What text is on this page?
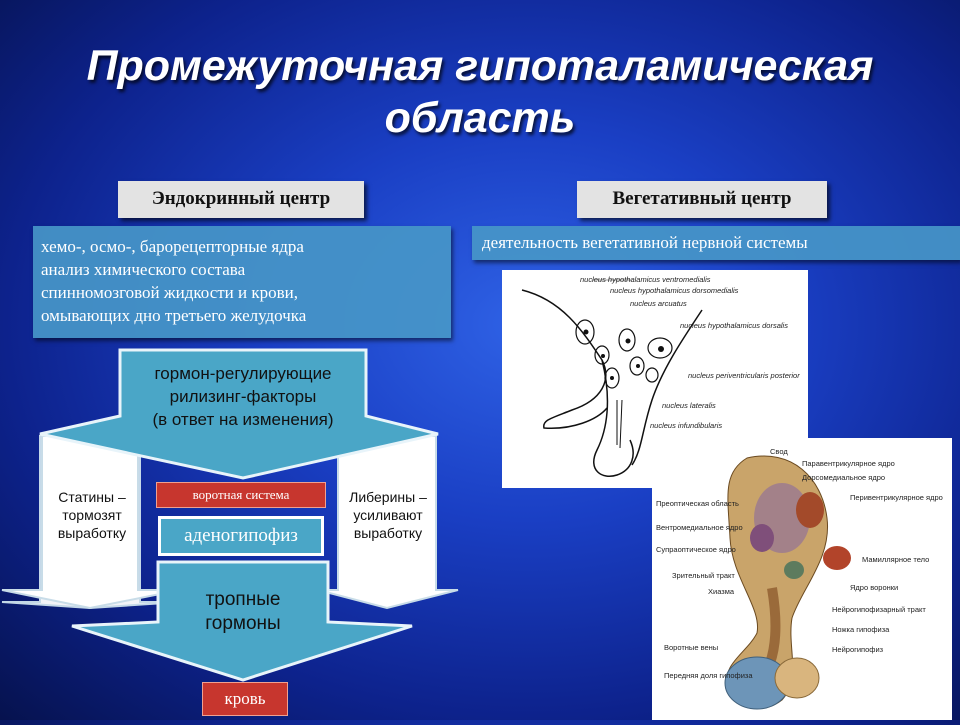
Промежуточная гипоталамическая
область
Эндокринный центр
хемо-, осмо-, барорецепторные ядра
анализ химического состава
спинномозговой жидкости и крови,
омывающих дно третьего желудочка
гормон-регулирующие
рилизинг-факторы
(в ответ на изменения)
Статины –
тормозят
выработку
Либерины –
усиливают
выработку
воротная система
аденогипофиз
тропные
гормоны
кровь
Вегетативный центр
деятельность вегетативной нервной системы
nucleus hypothalamicus ventromedialis
nucleus hypothalamicus dorsomedialis
nucleus arcuatus
nucleus hypothalamicus dorsalis
nucleus periventricularis posterior
nucleus lateralis
nucleus infundibularis
Преоптическая область
Вентромедиальное ядро
Супраоптическое ядро
Зрительный тракт
Хиазма
Воротные вены
Передняя доля гипофиза
Свод
Паравентрикулярное ядро
Дорсомедиальное ядро
Перивентрикулярное ядро
Мамиллярное тело
Ядро воронки
Нейрогипофизарный тракт
Ножка гипофиза
Нейрогипофиз
